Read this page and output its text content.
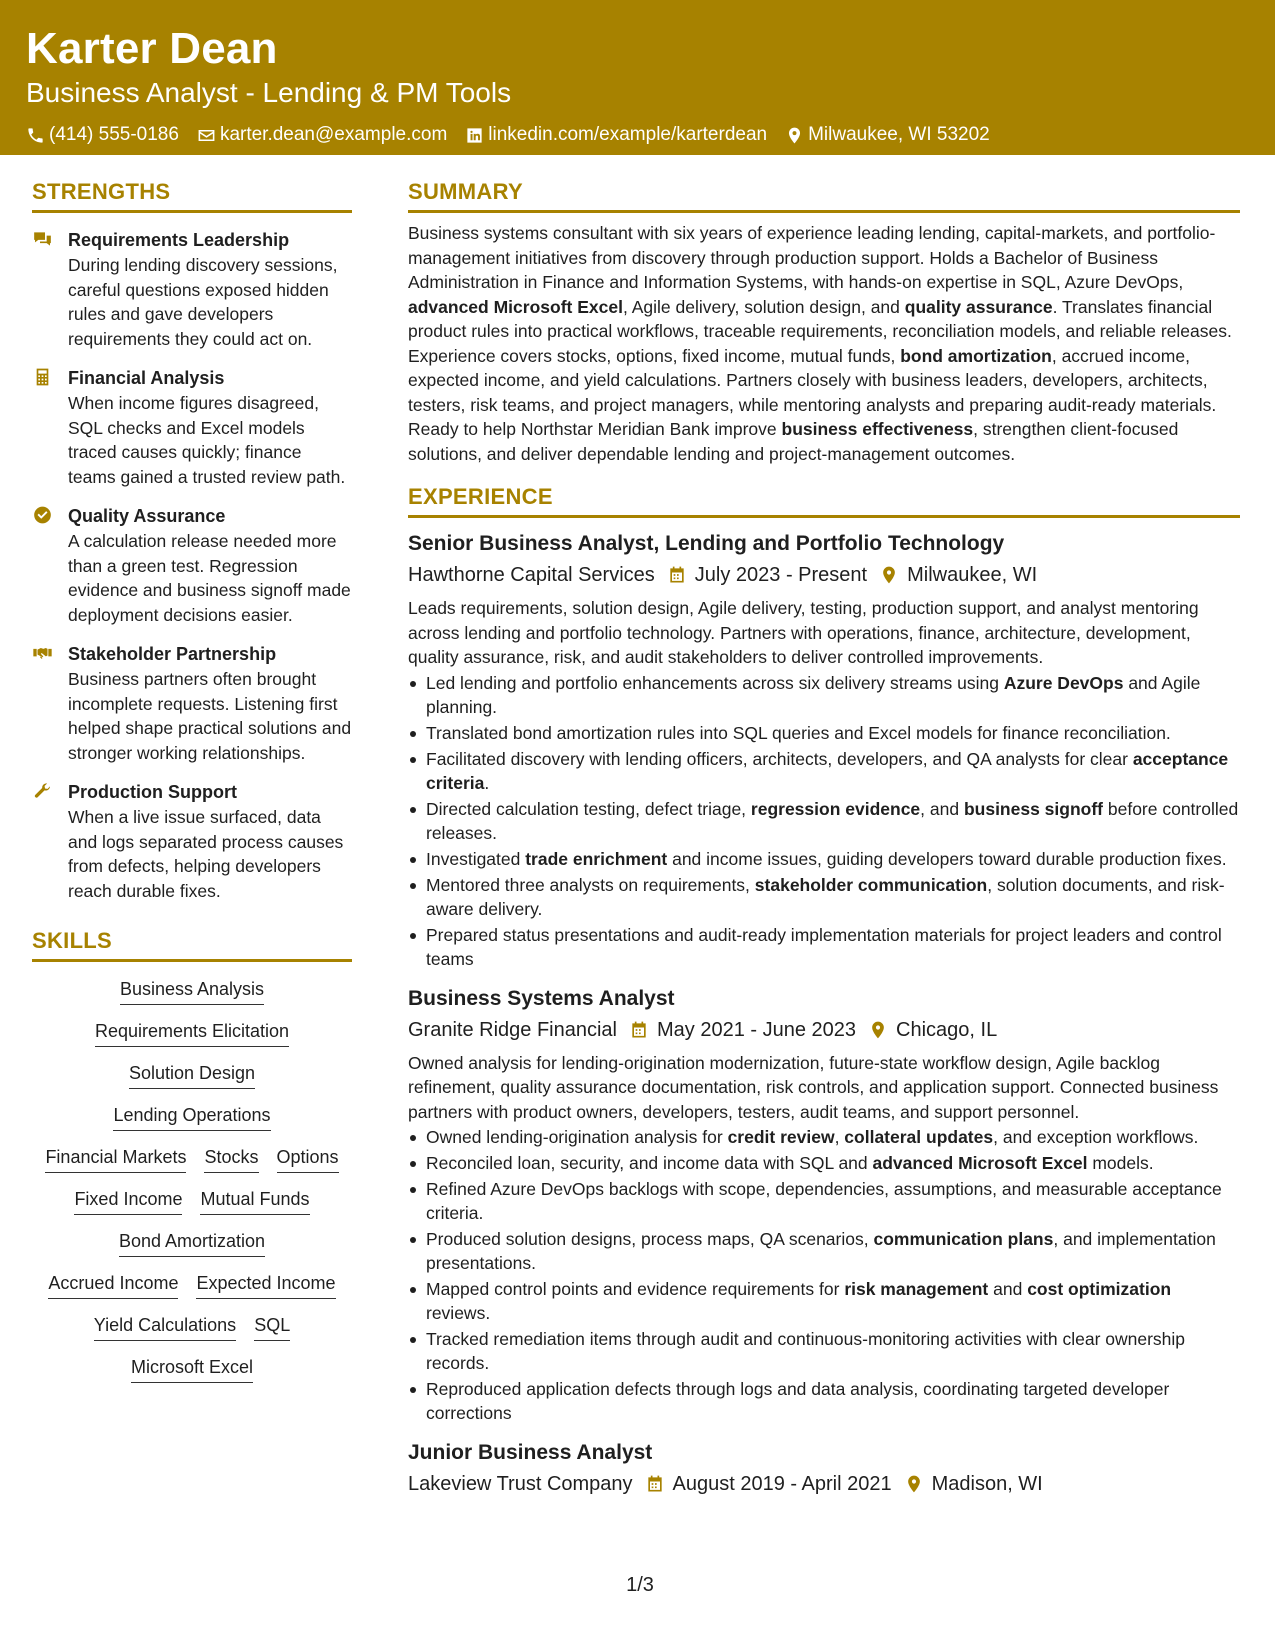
Karter Dean
Business Analyst - Lending & PM Tools
(414) 555-0186 karter.dean@example.com linkedin.com/example/karterdean Milwaukee, WI 53202
STRENGTHS
Requirements Leadership
During lending discovery sessions, careful questions exposed hidden rules and gave developers requirements they could act on.
Financial Analysis
When income figures disagreed, SQL checks and Excel models traced causes quickly; finance teams gained a trusted review path.
Quality Assurance
A calculation release needed more than a green test. Regression evidence and business signoff made deployment decisions easier.
Stakeholder Partnership
Business partners often brought incomplete requests. Listening first helped shape practical solutions and stronger working relationships.
Production Support
When a live issue surfaced, data and logs separated process causes from defects, helping developers reach durable fixes.
SKILLS
Business Analysis
Requirements Elicitation
Solution Design
Lending Operations
Financial Markets Stocks Options
Fixed Income Mutual Funds
Bond Amortization
Accrued Income Expected Income
Yield Calculations SQL
Microsoft Excel
SUMMARY
Business systems consultant with six years of experience leading lending, capital-markets, and portfolio-management initiatives from discovery through production support. Holds a Bachelor of Business Administration in Finance and Information Systems, with hands-on expertise in SQL, Azure DevOps, advanced Microsoft Excel, Agile delivery, solution design, and quality assurance. Translates financial product rules into practical workflows, traceable requirements, reconciliation models, and reliable releases. Experience covers stocks, options, fixed income, mutual funds, bond amortization, accrued income, expected income, and yield calculations. Partners closely with business leaders, developers, architects, testers, risk teams, and project managers, while mentoring analysts and preparing audit-ready materials. Ready to help Northstar Meridian Bank improve business effectiveness, strengthen client-focused solutions, and deliver dependable lending and project-management outcomes.
EXPERIENCE
Senior Business Analyst, Lending and Portfolio Technology
Hawthorne Capital Services July 2023 - Present Milwaukee, WI
Leads requirements, solution design, Agile delivery, testing, production support, and analyst mentoring across lending and portfolio technology. Partners with operations, finance, architecture, development, quality assurance, risk, and audit stakeholders to deliver controlled improvements.
Led lending and portfolio enhancements across six delivery streams using Azure DevOps and Agile planning.
Translated bond amortization rules into SQL queries and Excel models for finance reconciliation.
Facilitated discovery with lending officers, architects, developers, and QA analysts for clear acceptance criteria.
Directed calculation testing, defect triage, regression evidence, and business signoff before controlled releases.
Investigated trade enrichment and income issues, guiding developers toward durable production fixes.
Mentored three analysts on requirements, stakeholder communication, solution documents, and risk-aware delivery.
Prepared status presentations and audit-ready implementation materials for project leaders and control teams
Business Systems Analyst
Granite Ridge Financial May 2021 - June 2023 Chicago, IL
Owned analysis for lending-origination modernization, future-state workflow design, Agile backlog refinement, quality assurance documentation, risk controls, and application support. Connected business partners with product owners, developers, testers, audit teams, and support personnel.
Owned lending-origination analysis for credit review, collateral updates, and exception workflows.
Reconciled loan, security, and income data with SQL and advanced Microsoft Excel models.
Refined Azure DevOps backlogs with scope, dependencies, assumptions, and measurable acceptance criteria.
Produced solution designs, process maps, QA scenarios, communication plans, and implementation presentations.
Mapped control points and evidence requirements for risk management and cost optimization reviews.
Tracked remediation items through audit and continuous-monitoring activities with clear ownership records.
Reproduced application defects through logs and data analysis, coordinating targeted developer corrections
Junior Business Analyst
Lakeview Trust Company August 2019 - April 2021 Madison, WI
1/3
